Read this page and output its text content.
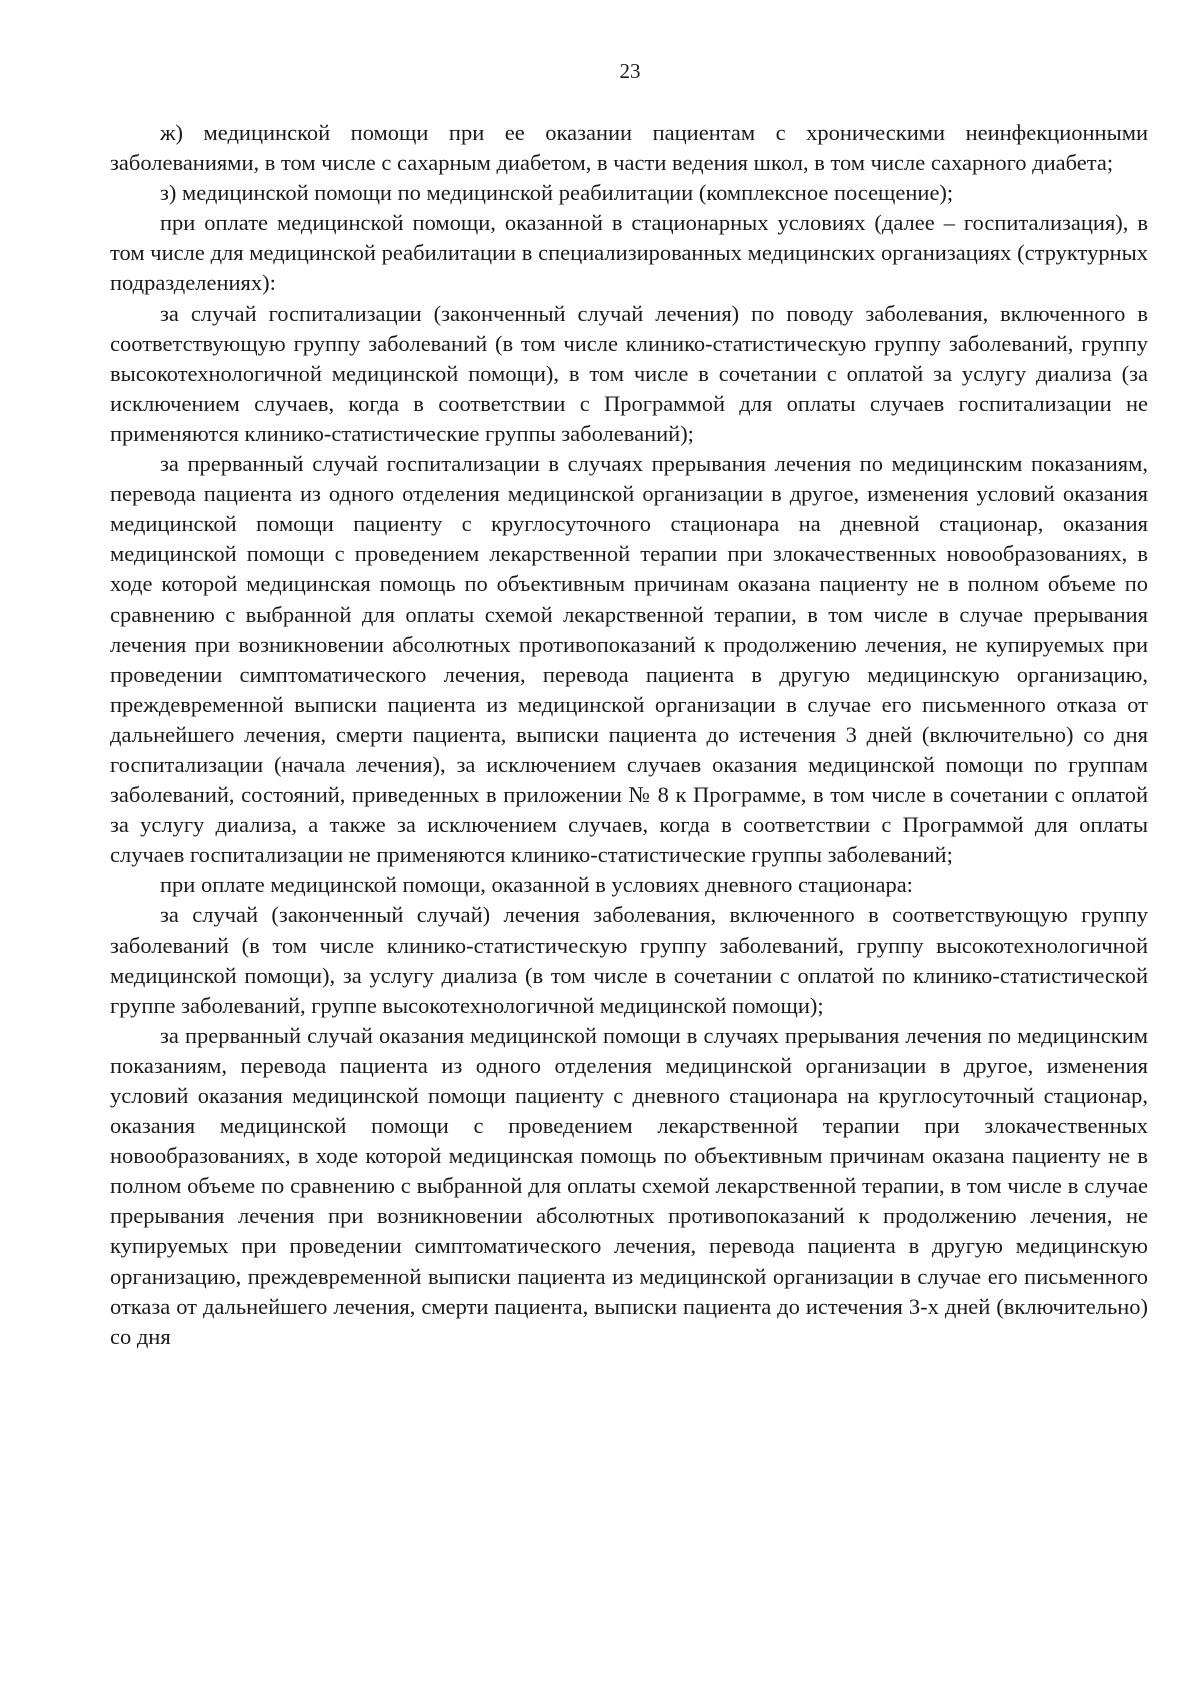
23

ж) медицинской помощи при ее оказании пациентам с хроническими неинфекционными заболеваниями, в том числе с сахарным диабетом, в части ведения школ, в том числе сахарного диабета;

з) медицинской помощи по медицинской реабилитации (комплексное посещение);

при оплате медицинской помощи, оказанной в стационарных условиях (далее – госпитализация), в том числе для медицинской реабилитации в специализированных медицинских организациях (структурных подразделениях):

за случай госпитализации (законченный случай лечения) по поводу заболевания, включенного в соответствующую группу заболеваний (в том числе клинико-статистическую группу заболеваний, группу высокотехнологичной медицинской помощи), в том числе в сочетании с оплатой за услугу диализа (за исключением случаев, когда в соответствии с Программой для оплаты случаев госпитализации не применяются клинико-статистические группы заболеваний);

за прерванный случай госпитализации в случаях прерывания лечения по медицинским показаниям, перевода пациента из одного отделения медицинской организации в другое, изменения условий оказания медицинской помощи пациенту с круглосуточного стационара на дневной стационар, оказания медицинской помощи с проведением лекарственной терапии при злокачественных новообразованиях, в ходе которой медицинская помощь по объективным причинам оказана пациенту не в полном объеме по сравнению с выбранной для оплаты схемой лекарственной терапии, в том числе в случае прерывания лечения при возникновении абсолютных противопоказаний к продолжению лечения, не купируемых при проведении симптоматического лечения, перевода пациента в другую медицинскую организацию, преждевременной выписки пациента из медицинской организации в случае его письменного отказа от дальнейшего лечения, смерти пациента, выписки пациента до истечения 3 дней (включительно) со дня госпитализации (начала лечения), за исключением случаев оказания медицинской помощи по группам заболеваний, состояний, приведенных в приложении № 8 к Программе, в том числе в сочетании с оплатой за услугу диализа, а также за исключением случаев, когда в соответствии с Программой для оплаты случаев госпитализации не применяются клинико-статистические группы заболеваний;

при оплате медицинской помощи, оказанной в условиях дневного стационара:

за случай (законченный случай) лечения заболевания, включенного в соответствующую группу заболеваний (в том числе клинико-статистическую группу заболеваний, группу высокотехнологичной медицинской помощи), за услугу диализа (в том числе в сочетании с оплатой по клинико-статистической группе заболеваний, группе высокотехнологичной медицинской помощи);

за прерванный случай оказания медицинской помощи в случаях прерывания лечения по медицинским показаниям, перевода пациента из одного отделения медицинской организации в другое, изменения условий оказания медицинской помощи пациенту с дневного стационара на круглосуточный стационар, оказания медицинской помощи с проведением лекарственной терапии при злокачественных новообразованиях, в ходе которой медицинская помощь по объективным причинам оказана пациенту не в полном объеме по сравнению с выбранной для оплаты схемой лекарственной терапии, в том числе в случае прерывания лечения при возникновении абсолютных противопоказаний к продолжению лечения, не купируемых при проведении симптоматического лечения, перевода пациента в другую медицинскую организацию, преждевременной выписки пациента из медицинской организации в случае его письменного отказа от дальнейшего лечения, смерти пациента, выписки пациента до истечения 3-х дней (включительно) со дня
